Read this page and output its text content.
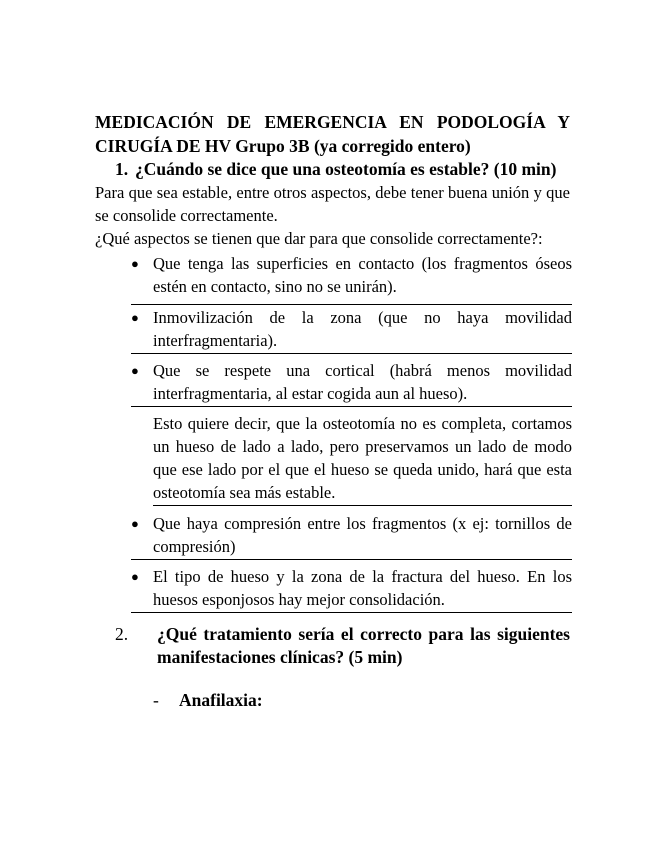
MEDICACIÓN DE EMERGENCIA EN PODOLOGÍA Y CIRUGÍA DE HV Grupo 3B (ya corregido entero)

1. ¿Cuándo se dice que una osteotomía es estable? (10 min)

Para que sea estable, entre otros aspectos, debe tener buena unión y que se consolide correctamente.

¿Qué aspectos se tienen que dar para que consolide correctamente?:

● Que tenga las superficies en contacto (los fragmentos óseos estén en contacto, sino no se unirán).
● Inmovilización de la zona (que no haya movilidad interfragmentaria).
● Que se respete una cortical (habrá menos movilidad interfragmentaria, al estar cogida aun al hueso).

Esto quiere decir, que la osteotomía no es completa, cortamos un hueso de lado a lado, pero preservamos un lado de modo que ese lado por el que el hueso se queda unido, hará que esta osteotomía sea más estable.

● Que haya compresión entre los fragmentos (x ej: tornillos de compresión)
● El tipo de hueso y la zona de la fractura del hueso. En los huesos esponjosos hay mejor consolidación.
2.	¿Qué tratamiento sería el correcto para las siguientes manifestaciones clínicas? (5 min)
-	Anafilaxia:
